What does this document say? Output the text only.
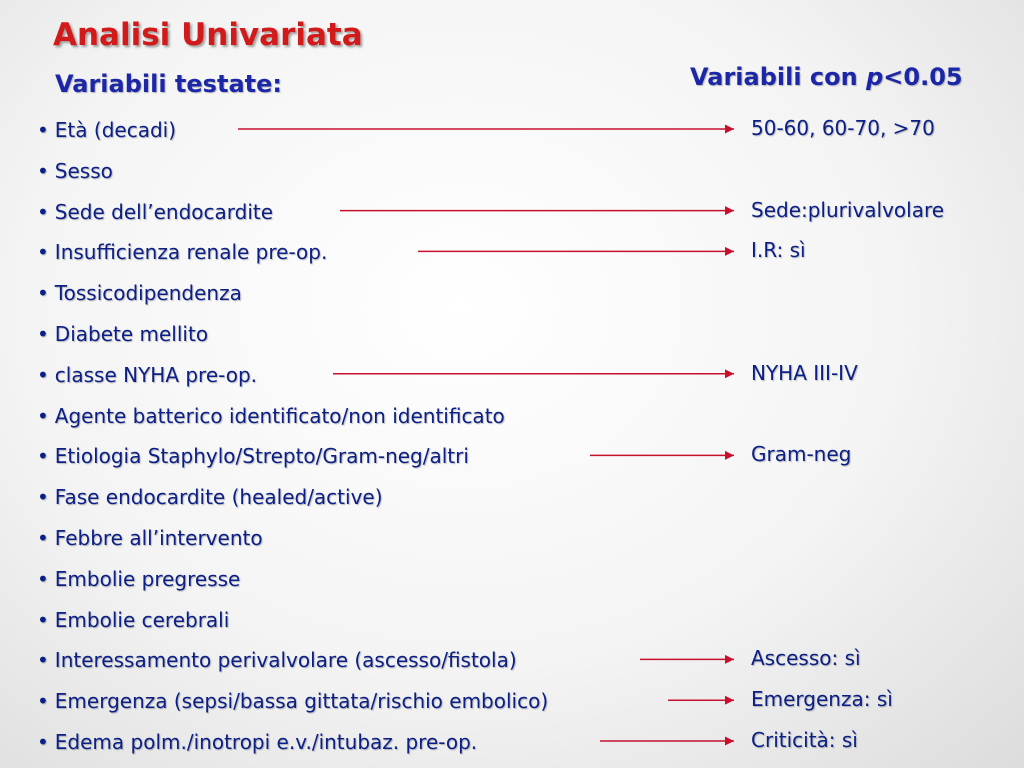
Analisi Univariata
Variabili testate:	Variabili con p<0.05
• Età (decadi)
• Sesso
• Sede dell’endocardite
• Insufficienza renale pre-op.
• Tossicodipendenza
• Diabete mellito
• classe NYHA pre-op.
• Agente batterico identificato/non identificato
• Etiologia Staphylo/Strepto/Gram-neg/altri
• Fase endocardite (healed/active)
• Febbre all’intervento
• Embolie pregresse
• Embolie cerebrali
• Interessamento perivalvolare (ascesso/fistola)
• Emergenza (sepsi/bassa gittata/rischio embolico)
• Edema polm./inotropi e.v./intubaz. pre-op.
50-60, 60-70, >70
Sede:plurivalvolare
I.R: sì
NYHA III-IV
Gram-neg
Ascesso: sì
Emergenza: sì
Criticità: sì
